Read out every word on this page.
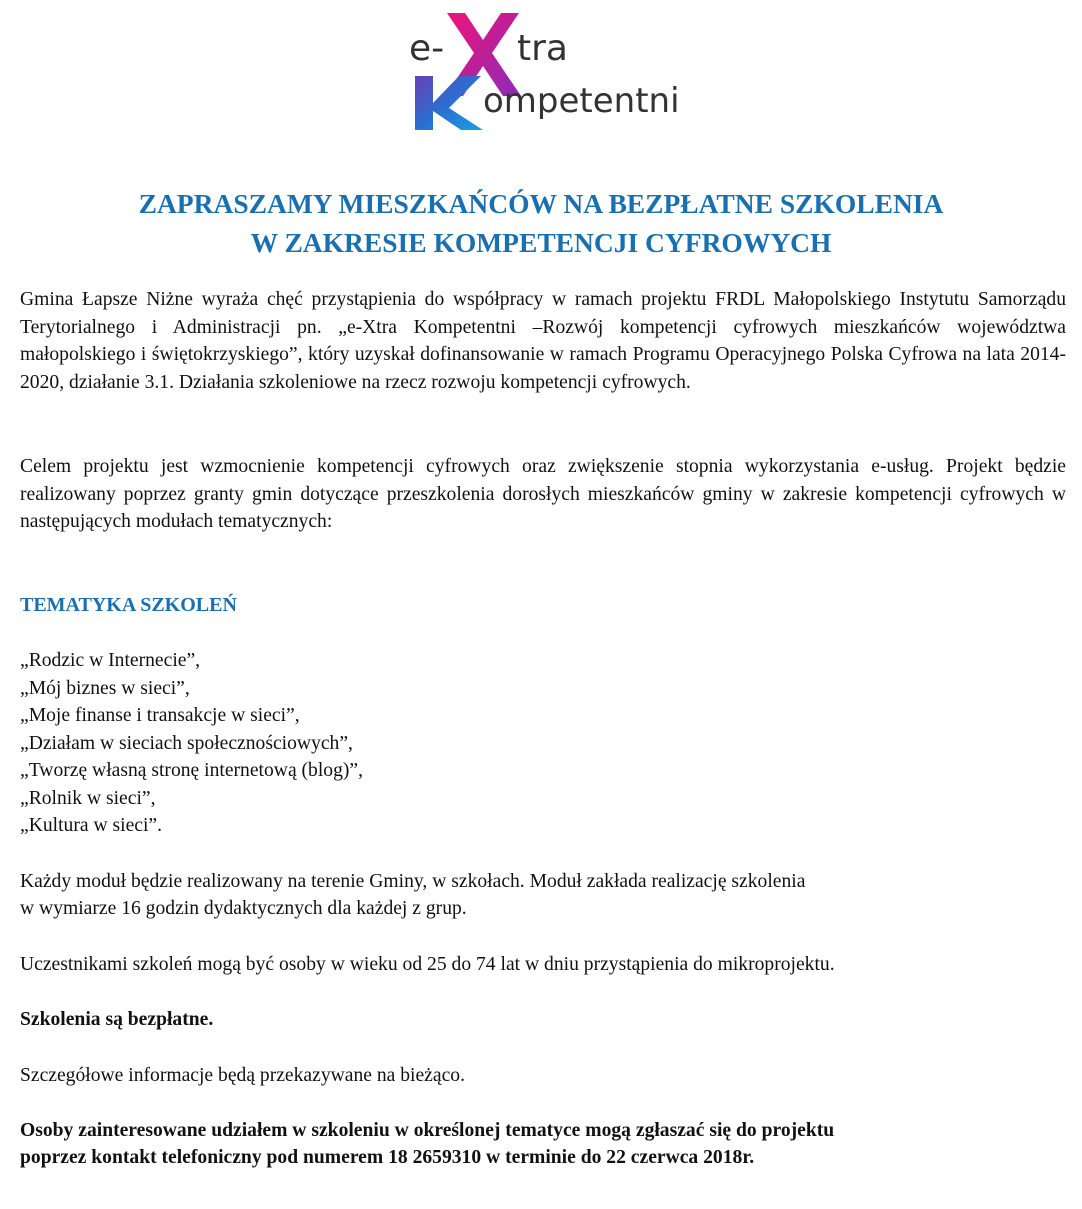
e- tra
ompetentni
ZAPRASZAMY MIESZKAŃCÓW NA BEZPŁATNE SZKOLENIA
W ZAKRESIE KOMPETENCJI CYFROWYCH

Gmina Łapsze Niżne wyraża chęć przystąpienia do współpracy w ramach projektu FRDL Małopolskiego Instytutu Samorządu Terytorialnego i Administracji pn. „e-Xtra Kompetentni –Rozwój kompetencji cyfrowych mieszkańców województwa małopolskiego i świętokrzyskiego”, który uzyskał dofinansowanie w ramach Programu Operacyjnego Polska Cyfrowa na lata 2014-2020, działanie 3.1. Działania szkoleniowe na rzecz rozwoju kompetencji cyfrowych.

Celem projektu jest wzmocnienie kompetencji cyfrowych oraz zwiększenie stopnia wykorzystania e-usług. Projekt będzie realizowany poprzez granty gmin dotyczące przeszkolenia dorosłych mieszkańców gminy w zakresie kompetencji cyfrowych w następujących modułach tematycznych:

TEMATYKA SZKOLEŃ
„Rodzic w Internecie”,
„Mój biznes w sieci”,
„Moje finanse i transakcje w sieci”,
„Działam w sieciach społecznościowych”,
„Tworzę własną stronę internetową (blog)”,
„Rolnik w sieci”,
„Kultura w sieci”.

Każdy moduł będzie realizowany na terenie Gminy, w szkołach. Moduł zakłada realizację szkolenia

w wymiarze 16 godzin dydaktycznych dla każdej z grup.

Uczestnikami szkoleń mogą być osoby w wieku od 25 do 74 lat w dniu przystąpienia do mikroprojektu.

Szkolenia są bezpłatne.

Szczegółowe informacje będą przekazywane na bieżąco.

Osoby zainteresowane udziałem w szkoleniu w określonej tematyce mogą zgłaszać się do projektu

poprzez kontakt telefoniczny pod numerem 18 2659310 w terminie do 22 czerwca 2018r.
